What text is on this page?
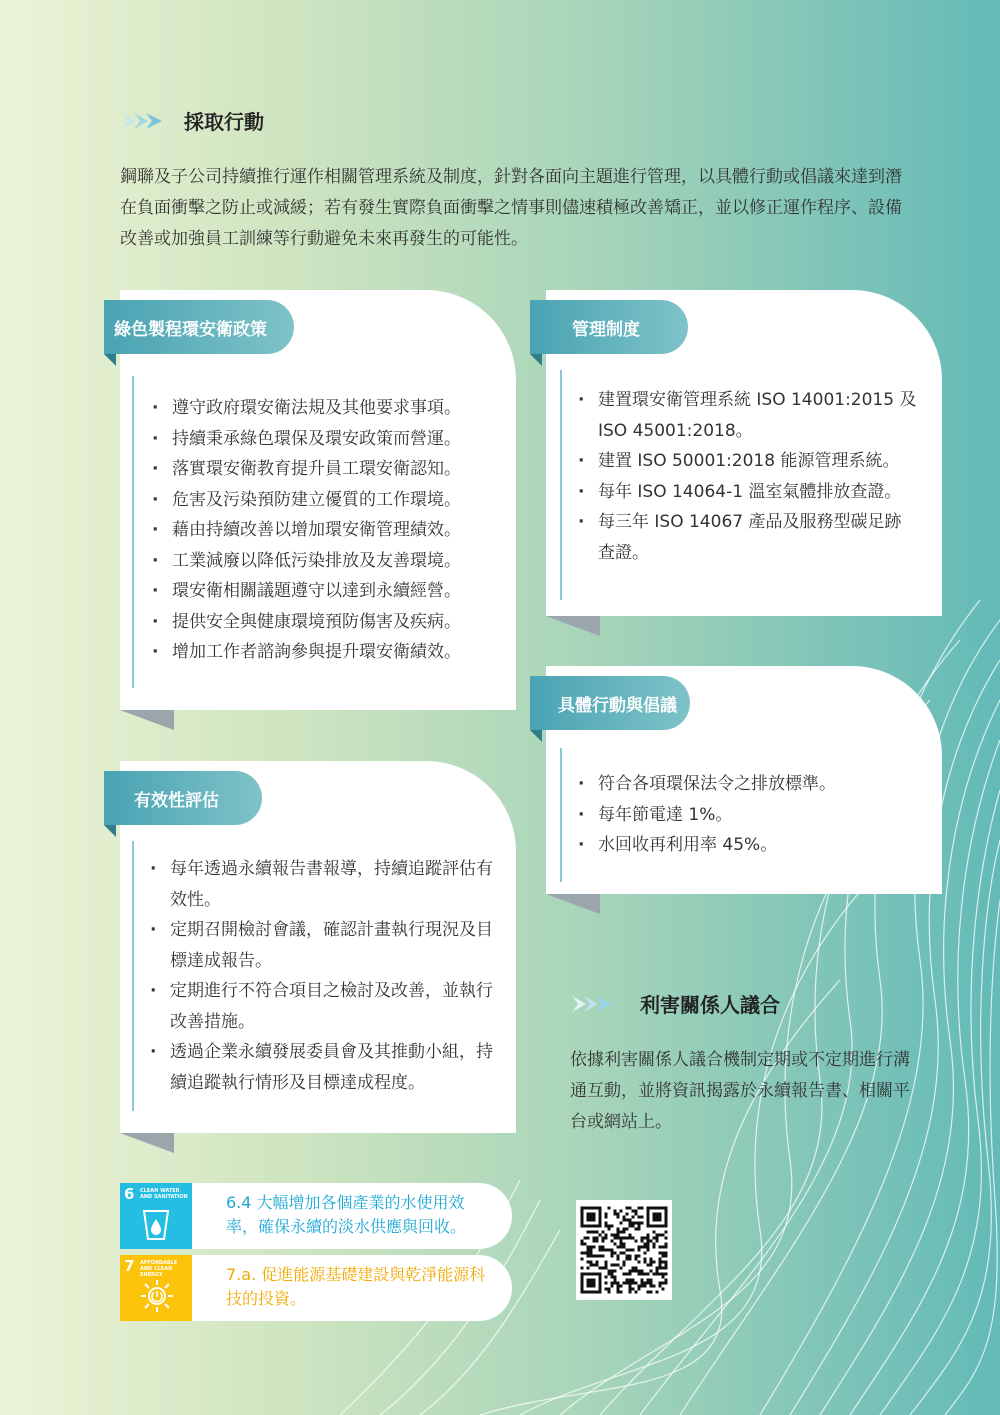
採取行動

鋼聯及子公司持續推行運作相關管理系統及制度，針對各面向主題進行管理，以具體行動或倡議來達到潛在負面衝擊之防止或減緩；若有發生實際負面衝擊之情事則儘速積極改善矯正，並以修正運作程序、設備改善或加強員工訓練等行動避免未來再發生的可能性。

綠色製程環安衛政策
· 遵守政府環安衛法規及其他要求事項。
· 持續秉承綠色環保及環安政策而營運。
· 落實環安衛教育提升員工環安衛認知。
· 危害及污染預防建立優質的工作環境。
· 藉由持續改善以增加環安衛管理績效。
· 工業減廢以降低污染排放及友善環境。
· 環安衛相關議題遵守以達到永續經營。
· 提供安全與健康環境預防傷害及疾病。
· 增加工作者諮詢參與提升環安衛績效。
管理制度
· 建置環安衛管理系統 ISO 14001:2015 及 ISO 45001:2018。
· 建置 ISO 50001:2018 能源管理系統。
· 每年 ISO 14064-1 溫室氣體排放查證。
· 每三年 ISO 14067 產品及服務型碳足跡查證。
具體行動與倡議
· 符合各項環保法令之排放標準。
· 每年節電達 1%。
· 水回收再利用率 45%。
有效性評估
· 每年透過永續報告書報導，持續追蹤評估有效性。
· 定期召開檢討會議，確認計畫執行現況及目標達成報告。
· 定期進行不符合項目之檢討及改善，並執行改善措施。
· 透過企業永續發展委員會及其推動小組，持續追蹤執行情形及目標達成程度。
6 CLEAN WATER AND SANITATION 6.4 大幅增加各個產業的水使用效率，確保永續的淡水供應與回收。
7 AFFORDABLE AND CLEAN ENERGY	7.a. 促進能源基礎建設與乾淨能源科技的投資。
利害關係人議合

依據利害關係人議合機制定期或不定期進行溝通互動，並將資訊揭露於永續報告書、相關平台或網站上。
